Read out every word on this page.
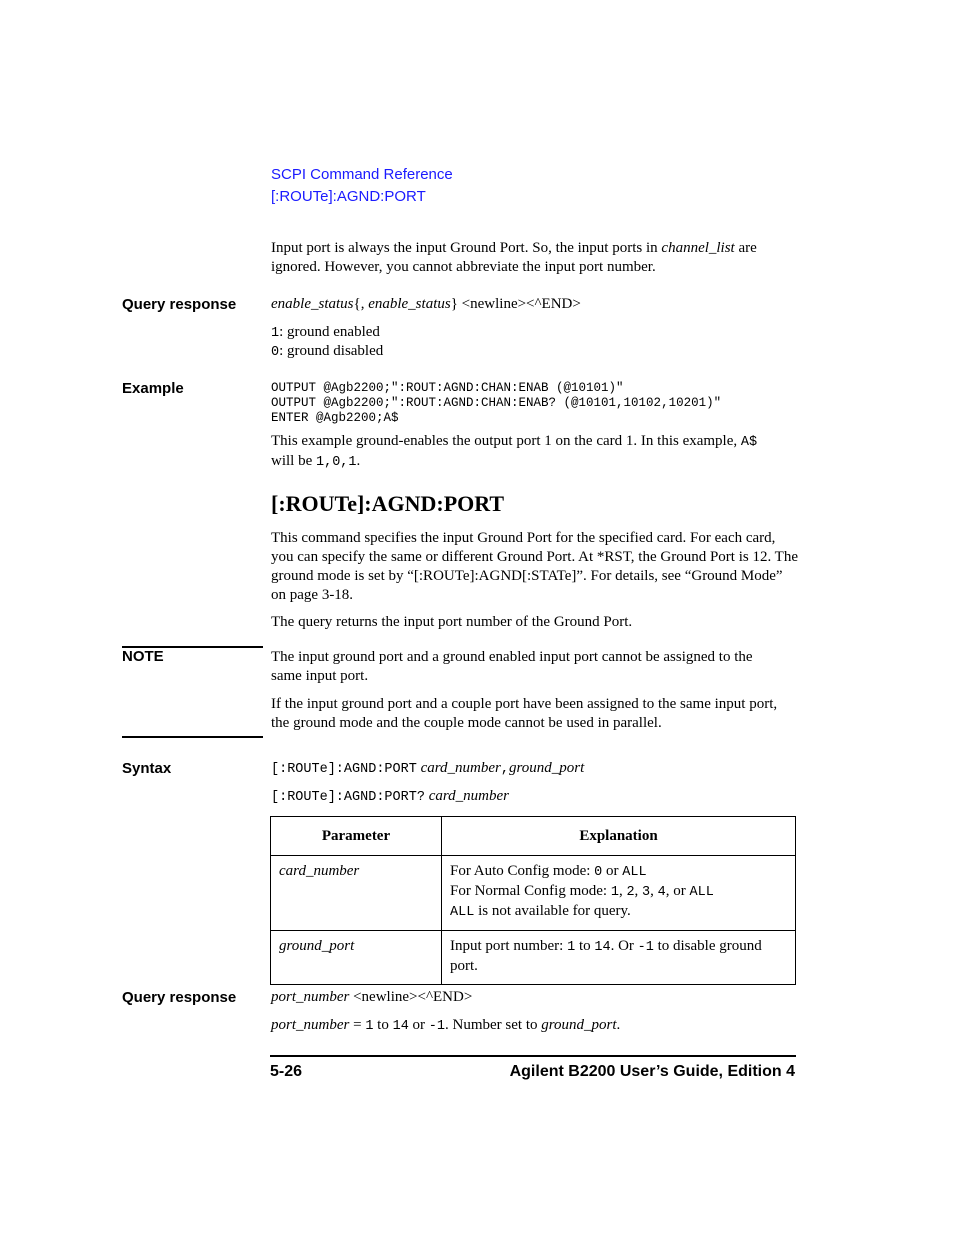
SCPI Command Reference
[:ROUTe]:AGND:PORT
Input port is always the input Ground Port. So, the input ports in channel_list are ignored. However, you cannot abbreviate the input port number.
Query response enable_status{, enable_status} <newline><^END>
1: ground enabled
0: ground disabled
Example	OUTPUT @Agb2200;":ROUT:AGND:CHAN:ENAB (@10101)"
OUTPUT @Agb2200;":ROUT:AGND:CHAN:ENAB? (@10101,10102,10201)"
ENTER @Agb2200;A$
This example ground-enables the output port 1 on the card 1. In this example, A$
will be 1,0,1.
[:ROUTe]:AGND:PORT
This command specifies the input Ground Port for the specified card. For each card, you can specify the same or different Ground Port. At *RST, the Ground Port is 12. The ground mode is set by “[:ROUTe]:AGND[:STATe]”. For details, see “Ground Mode” on page 3-18.
The query returns the input port number of the Ground Port.
NOTE	The input ground port and a ground enabled input port cannot be assigned to the same input port.
If the input ground port and a couple port have been assigned to the same input port, the ground mode and the couple mode cannot be used in parallel.
Syntax	[:ROUTe]:AGND:PORT card_number,ground_port
[:ROUTe]:AGND:PORT? card_number
Parameter	Explanation
card_number	For Auto Config mode: 0 or ALL
For Normal Config mode: 1, 2, 3, 4, or ALL
ALL is not available for query.

ground_port	Input port number: 1 to 14. Or -1 to disable ground port.
Query response port_number <newline><^END>
port_number = 1 to 14 or -1. Number set to ground_port.
5-26	Agilent B2200 User’s Guide, Edition 4
